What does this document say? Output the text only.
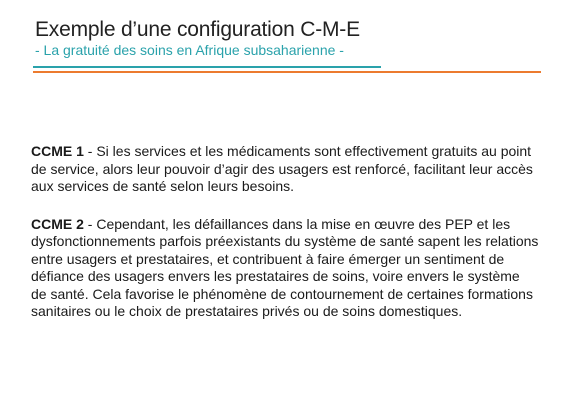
Exemple d’une configuration C-M-E
- La gratuité des soins en Afrique subsaharienne -

CCME 1 - Si les services et les médicaments sont effectivement gratuits au point de service, alors leur pouvoir d’agir des usagers est renforcé, facilitant leur accès aux services de santé selon leurs besoins.

CCME 2 - Cependant, les défaillances dans la mise en œuvre des PEP et les dysfonctionnements parfois préexistants du système de santé sapent les relations entre usagers et prestataires, et contribuent à faire émerger un sentiment de défiance des usagers envers les prestataires de soins, voire envers le système de santé. Cela favorise le phénomène de contournement de certaines formations sanitaires ou le choix de prestataires privés ou de soins domestiques.
